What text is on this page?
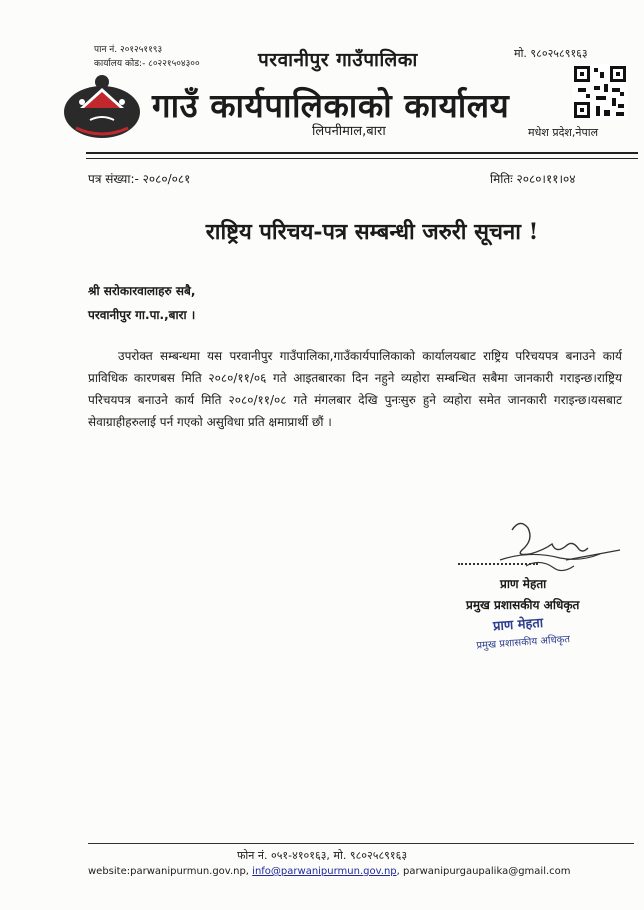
पान नं. २०१२५११९३
कार्यालय कोड:- ८०२२१५०४३००	परवानीपुर गाउँपालिका
गाउँ कार्यपालिकाको कार्यालय
लिपनीमाल,बारा
मो. ९८०२५८९१६३
मधेश प्रदेश,नेपाल
पत्र संख्या:- २०८०/०८१	मितिः २०८०।११।०४
राष्ट्रिय परिचय-पत्र सम्बन्धी जरुरी सूचना !
श्री सरोकारवालाहरु सबै,
परवानीपुर गा.पा.,बारा ।
उपरोक्त सम्बन्धमा यस परवानीपुर गाउँपालिका,गाउँकार्यपालिकाको कार्यालयबाट राष्ट्रिय परिचयपत्र बनाउने कार्य प्राविधिक कारणबस मिति २०८०/११/०६ गते आइतबारका दिन नहुने व्यहोरा सम्बन्धित सबैमा जानकारी गराइन्छ।राष्ट्रिय परिचयपत्र बनाउने कार्य मिति २०८०/११/०८ गते मंगलबार देखि पुनःसुरु हुने व्यहोरा समेत जानकारी गराइन्छ।यसबाट सेवाग्राहीहरुलाई पर्न गएको असुविधा प्रति क्षमाप्रार्थी छौं ।
प्राण मेहता
प्रमुख प्रशासकीय अधिकृत
प्राण मेहता
प्रमुख प्रशासकीय अधिकृत
फोन नं. ०५१-४१०१६३, मो. ९८०२५८९१६३
website:parwanipurmun.gov.np, info@parwanipurmun.gov.np, parwanipurgaupalika@gmail.com
